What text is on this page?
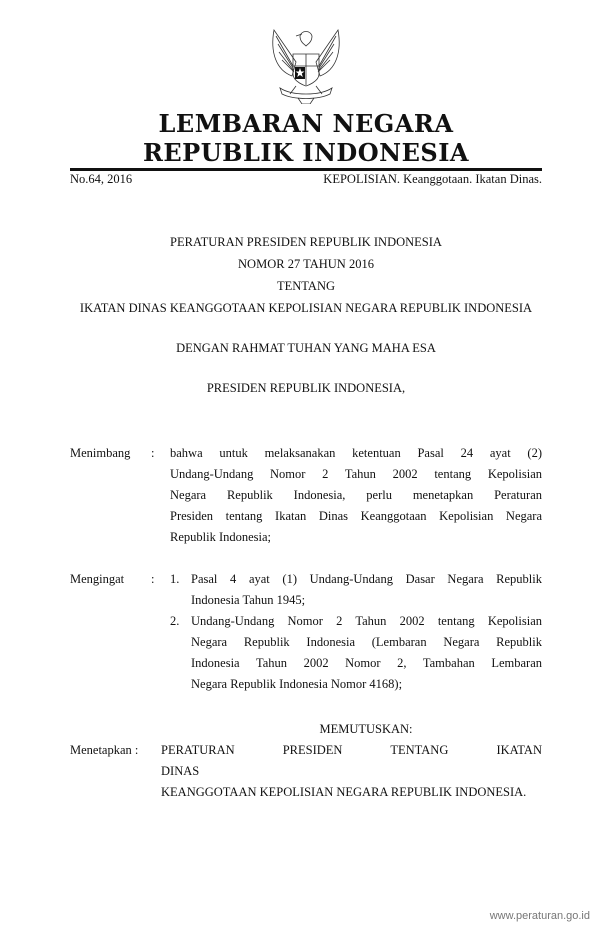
LEMBARAN NEGARA
REPUBLIK INDONESIA
No.64, 2016	KEPOLISIAN. Keanggotaan. Ikatan Dinas.
PERATURAN PRESIDEN REPUBLIK INDONESIA
NOMOR 27 TAHUN 2016
TENTANG
IKATAN DINAS KEANGGOTAAN KEPOLISIAN NEGARA REPUBLIK INDONESIA
DENGAN RAHMAT TUHAN YANG MAHA ESA
PRESIDEN REPUBLIK INDONESIA,
Menimbang : bahwa untuk melaksanakan ketentuan Pasal 24 ayat (2)
Undang-Undang Nomor 2 Tahun 2002 tentang Kepolisian
Negara Republik Indonesia, perlu menetapkan Peraturan
Presiden tentang Ikatan Dinas Keanggotaan Kepolisian Negara
Republik Indonesia;
Mengingat : 1. Pasal 4 ayat (1) Undang-Undang Dasar Negara Republik
Indonesia Tahun 1945;
2. Undang-Undang Nomor 2 Tahun 2002 tentang Kepolisian
Negara Republik Indonesia (Lembaran Negara Republik
Indonesia Tahun 2002 Nomor 2, Tambahan Lembaran
Negara Republik Indonesia Nomor 4168);
MEMUTUSKAN:
Menetapkan : PERATURAN PRESIDEN TENTANG IKATAN DINAS
KEANGGOTAAN KEPOLISIAN NEGARA REPUBLIK INDONESIA.
www.peraturan.go.id
